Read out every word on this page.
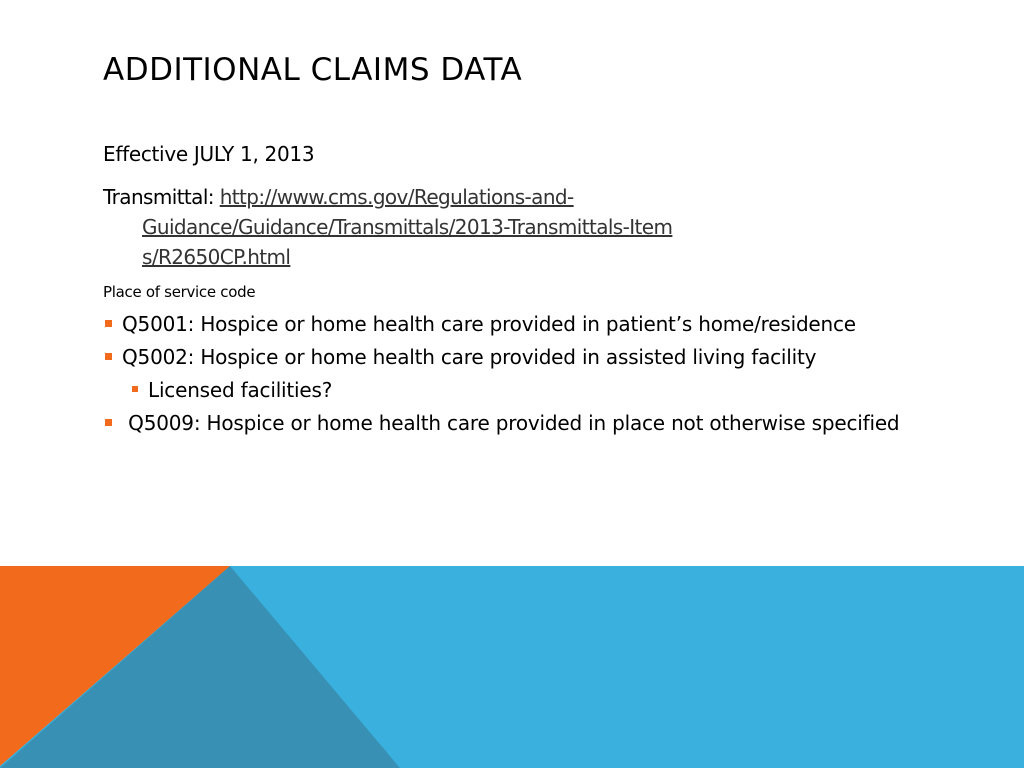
ADDITIONAL CLAIMS DATA

Effective JULY 1, 2013

Transmittal: http://www.cms.gov/Regulations-and-
Guidance/Guidance/Transmittals/2013-Transmittals-Item
s/R2650CP.html

Place of service code

Q5001: Hospice or home health care provided in patient’s home/residence
Q5002: Hospice or home health care provided in assisted living facility
Licensed facilities?
Q5009: Hospice or home health care provided in place not otherwise specified
